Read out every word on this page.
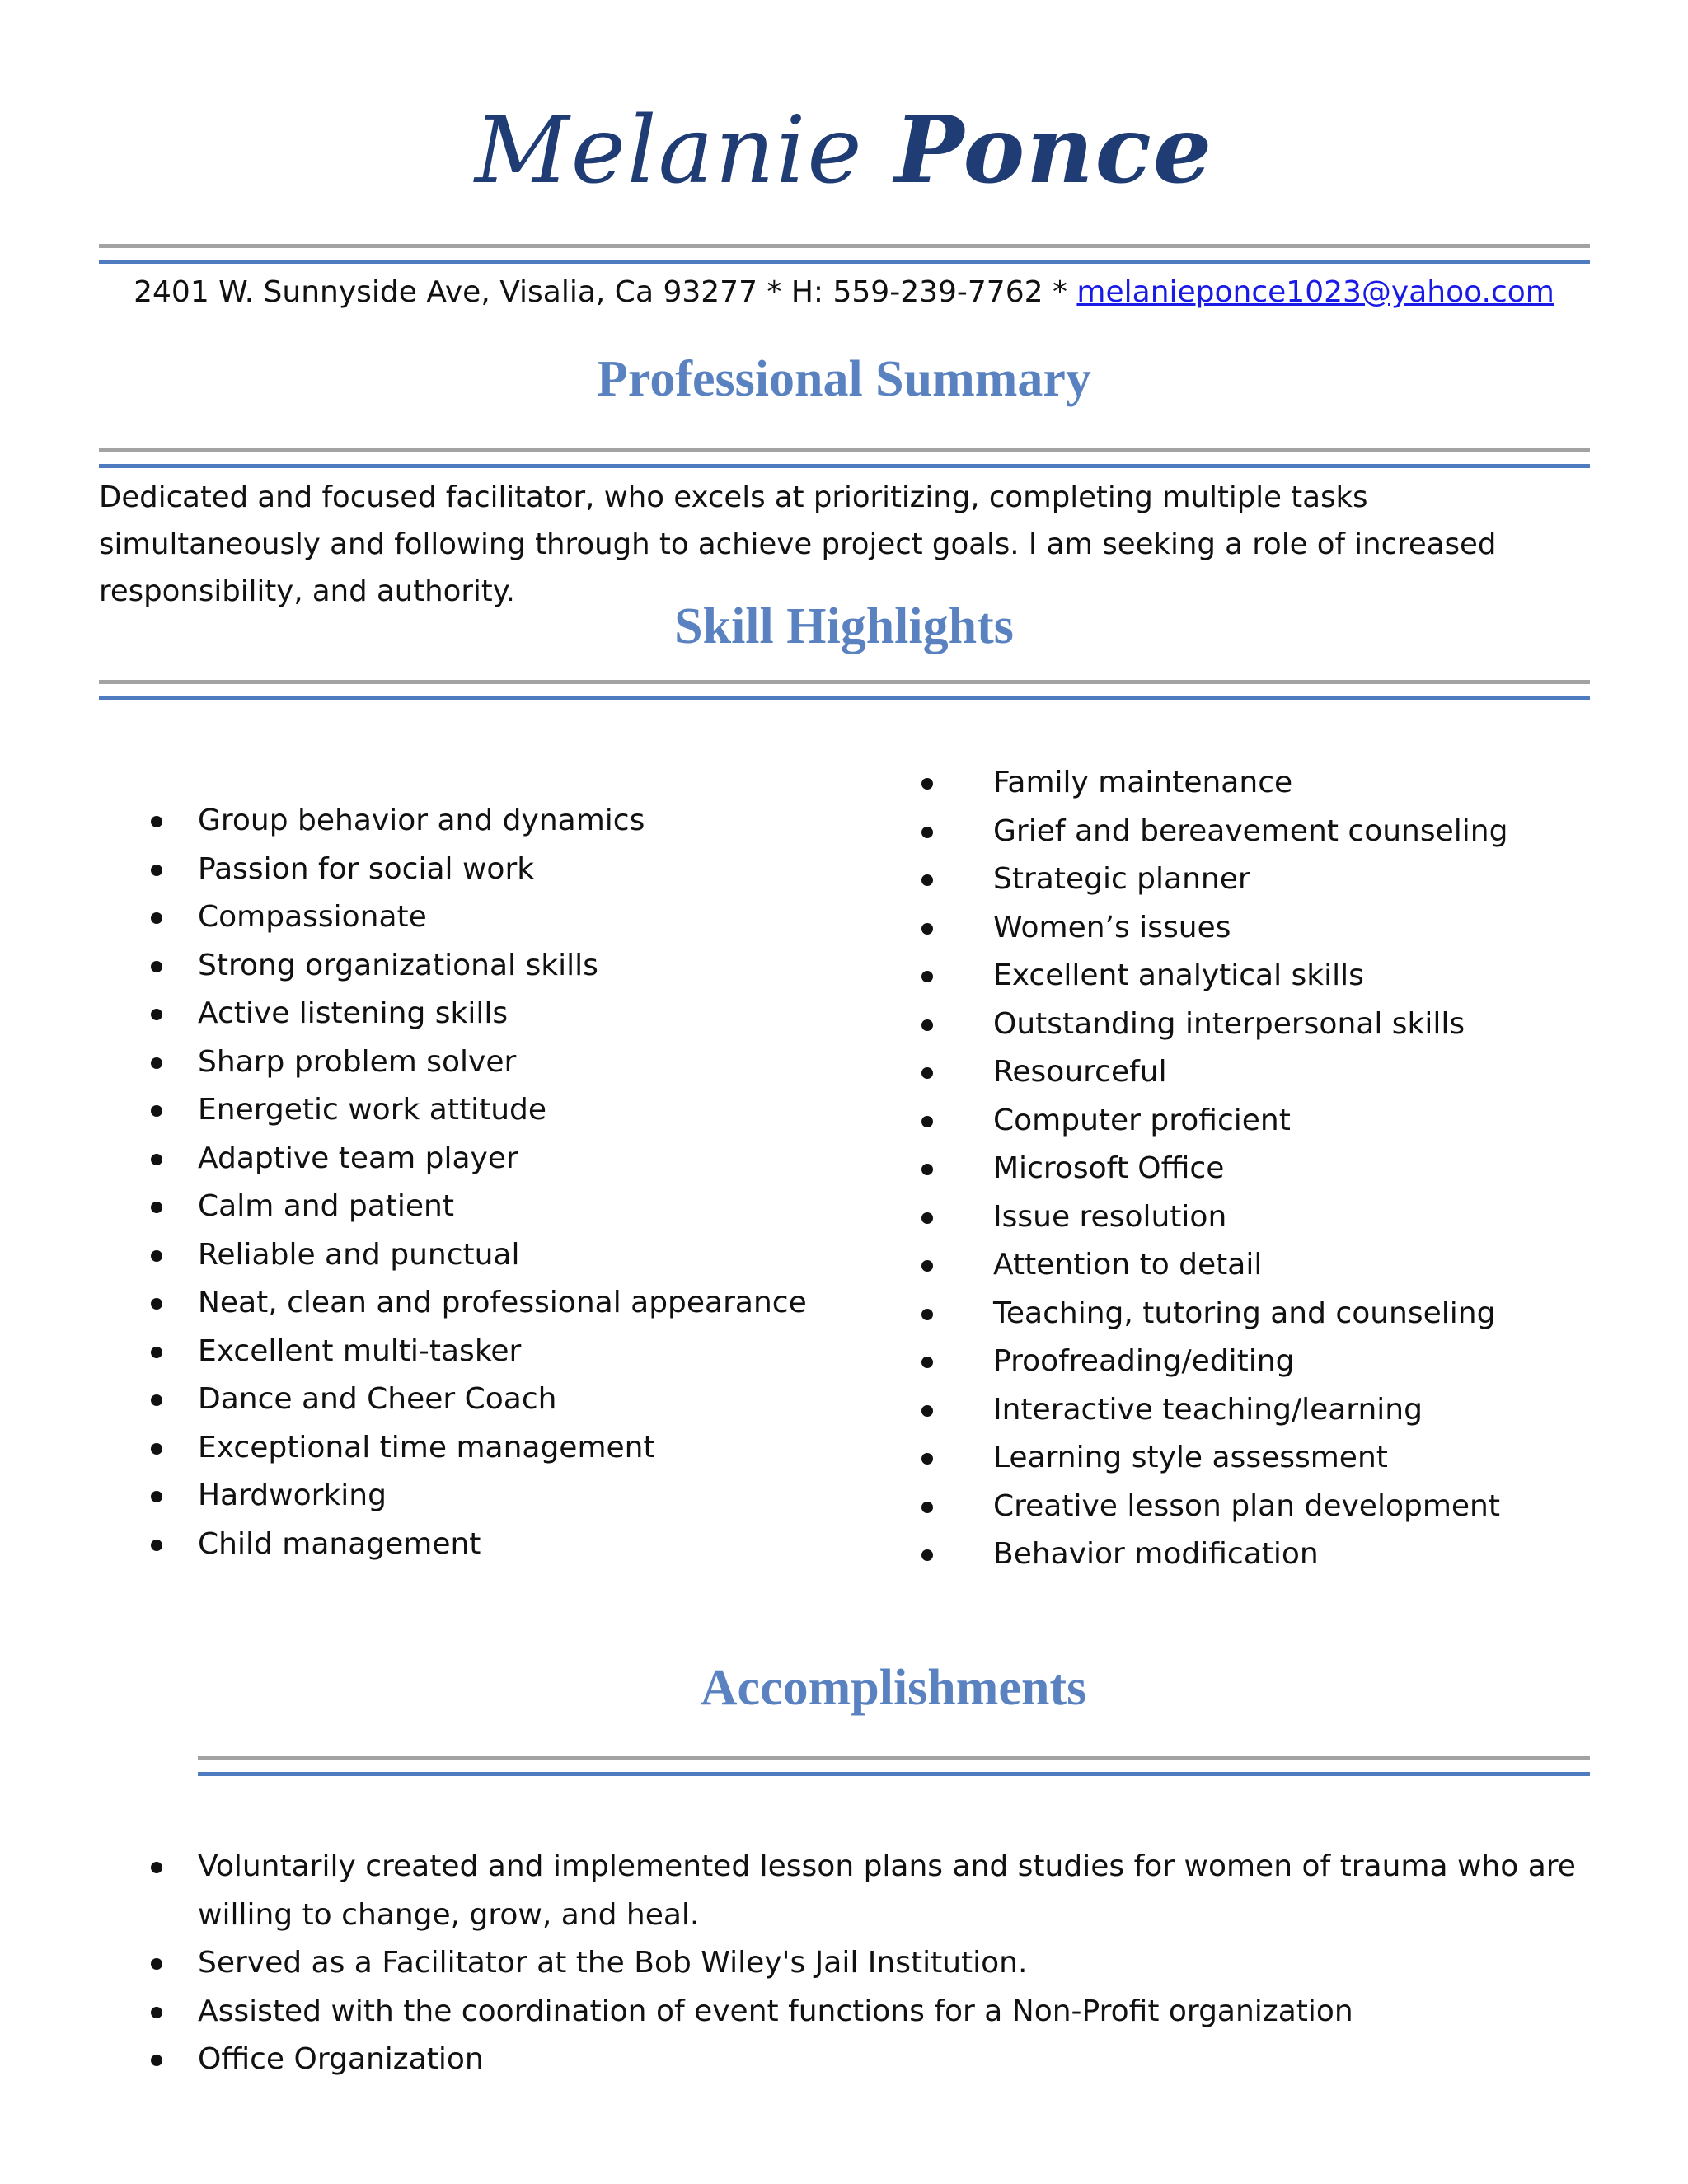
Melanie Ponce
2401 W. Sunnyside Ave, Visalia, Ca 93277 * H: 559-239-7762 * melanieponce1023@yahoo.com
Professional Summary
Dedicated and focused facilitator, who excels at prioritizing, completing multiple tasks simultaneously and following through to achieve project goals. I am seeking a role of increased responsibility, and authority.
Skill Highlights
Group behavior and dynamics
Passion for social work
Compassionate
Strong organizational skills
Active listening skills
Sharp problem solver
Energetic work attitude
Adaptive team player
Calm and patient
Reliable and punctual
Neat, clean and professional appearance
Excellent multi-tasker
Dance and Cheer Coach
Exceptional time management
Hardworking
Child management
Family maintenance
Grief and bereavement counseling
Strategic planner
Women’s issues
Excellent analytical skills
Outstanding interpersonal skills
Resourceful
Computer proficient
Microsoft Office
Issue resolution
Attention to detail
Teaching, tutoring and counseling
Proofreading/editing
Interactive teaching/learning
Learning style assessment
Creative lesson plan development
Behavior modification
Accomplishments
Voluntarily created and implemented lesson plans and studies for women of trauma who are willing to change, grow, and heal.
Served as a Facilitator at the Bob Wiley's Jail Institution.
Assisted with the coordination of event functions for a Non-Profit organization
Office Organization
